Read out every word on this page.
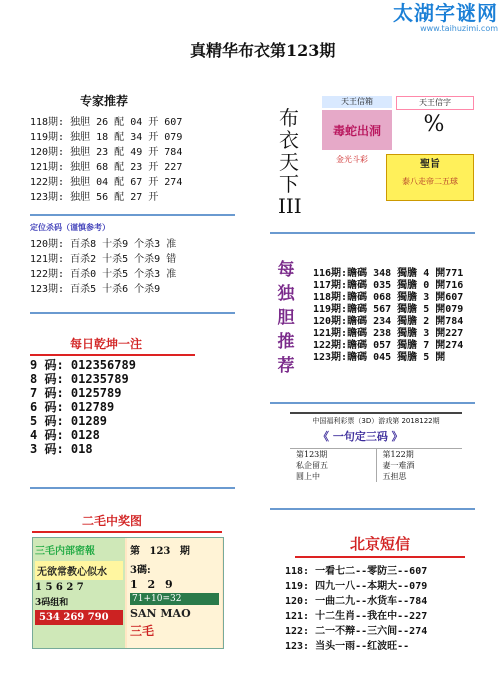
太湖字谜网
www.taihuzimi.com
真精华布衣第123期
专家推荐
118期: 独胆 26 配 04 开 607
119期: 独胆 18 配 34 开 079
120期: 独胆 23 配 49 开 784
121期: 独胆 68 配 23 开 227
122期: 独胆 04 配 67 开 274
123期: 独胆 56 配 27 开
定位杀码（谨慎参考）
120期: 百杀8 十杀9 个杀3 准
121期: 百杀2 十杀5 个杀9 错
122期: 百杀0 十杀5 个杀3 准
123期: 百杀5 十杀6 个杀9
每日乾坤一注
9 码: 012356789
8 码: 01235789
7 码: 0125789
6 码: 012789
5 码: 01289
4 码: 0128
3 码: 018
二毛中奖图
三毛内部密報
无欲常教心似水
1 5 6 2 7
3码组和
534 269 790
第 123 期
3碼:
1 2 9
71+10=32
SAN MAO
三毛
布
衣
天
下
III
天王信箱
毒蛇出洞
天王信字
%
金光斗彩	聖旨
泰八走帝二五球
每
独
胆
推
荐
116期:瞻碼 348 獨膽 4 開771
117期:瞻碼 035 獨膽 0 開716
118期:瞻碼 068 獨膽 3 開607
119期:瞻碼 567 獨膽 5 開079
120期:瞻碼 234 獨膽 2 開784
121期:瞻碼 238 獨膽 3 開227
122期:瞻碼 057 獨膽 7 開274
123期:瞻碼 045 獨膽 5 開
中国福利彩票（3D）游戏第 2018122期
《 一句定三码 》
第123期
私企留五
圆上中
第122期
妻一难酒
五担思
北京短信
118: 一看七二--零防三--607
119: 四九一八--本期大--079
120: 一曲二九--水货车--784
121: 十二生肖--我在中--227
122: 二一不辩--三六间--274
123: 当头一雨--红波旺--
